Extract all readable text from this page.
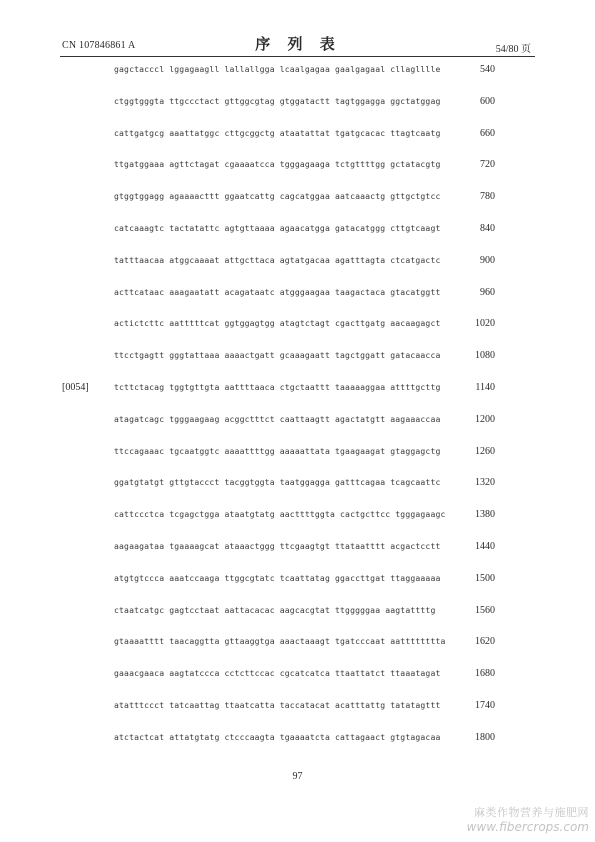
CN 107846861 A	序 列 表	54/80 页
[0054]
gagctacccl lggagaagll lallallgga lcaalgagaa gaalgagaal cllaglllle	540
ctggtgggta ttgccctact gttggcgtag gtggatactt tagtggagga ggctatggag	600
cattgatgcg aaattatggc cttgcggctg ataatattat tgatgcacac ttagtcaatg	660
ttgatggaaa agttctagat cgaaaatcca tgggagaaga tctgttttgg gctatacgtg	720
gtggtggagg agaaaacttt ggaatcattg cagcatggaa aatcaaactg gttgctgtcc	780
catcaaagtc tactatattc agtgttaaaa agaacatgga gatacatggg cttgtcaagt	840
tatttaacaa atggcaaaat attgcttaca agtatgacaa agatttagta ctcatgactc	900
acttcataac aaagaatatt acagataatc atgggaagaa taagactaca gtacatggtt	960
actictcttc aatttttcat ggtggagtgg atagtctagt cgacttgatg aacaagagct	1020
ttcctgagtt gggtattaaa aaaactgatt gcaaagaatt tagctggatt gatacaacca	1080
tcttctacag tggtgttgta aattttaaca ctgctaattt taaaaaggaa attttgcttg	1140
atagatcagc tgggaagaag acggctttct caattaagtt agactatgtt aagaaaccaa	1200
ttccagaaac tgcaatggtc aaaattttgg aaaaattata tgaagaagat gtaggagctg	1260
ggatgtatgt gttgtaccct tacggtggta taatggagga gatttcagaa tcagcaattc	1320
cattccctca tcgagctgga ataatgtatg aacttttggta cactgcttcc tgggagaagc	1380
aagaagataa tgaaaagcat ataaactggg ttcgaagtgt ttataatttt acgactcctt	1440
atgtgtccca aaatccaaga ttggcgtatc tcaattatag ggaccttgat ttaggaaaaa	1500
ctaatcatgc gagtcctaat aattacacac aagcacgtat ttgggggaa aagtattttg	1560
gtaaaatttt taacaggtta gttaaggtga aaactaaagt tgatcccaat aatttttttta	1620
gaaacgaaca aagtatccca cctcttccac cgcatcatca ttaattatct ttaaatagat	1680
atatttccct tatcaattag ttaatcatta taccatacat acatttattg tatatagttt	1740
atctactcat attatgtatg ctcccaagta tgaaaatcta cattagaact gtgtagacaa	1800
97
麻类作物营养与施肥网
www.fibercrops.com
